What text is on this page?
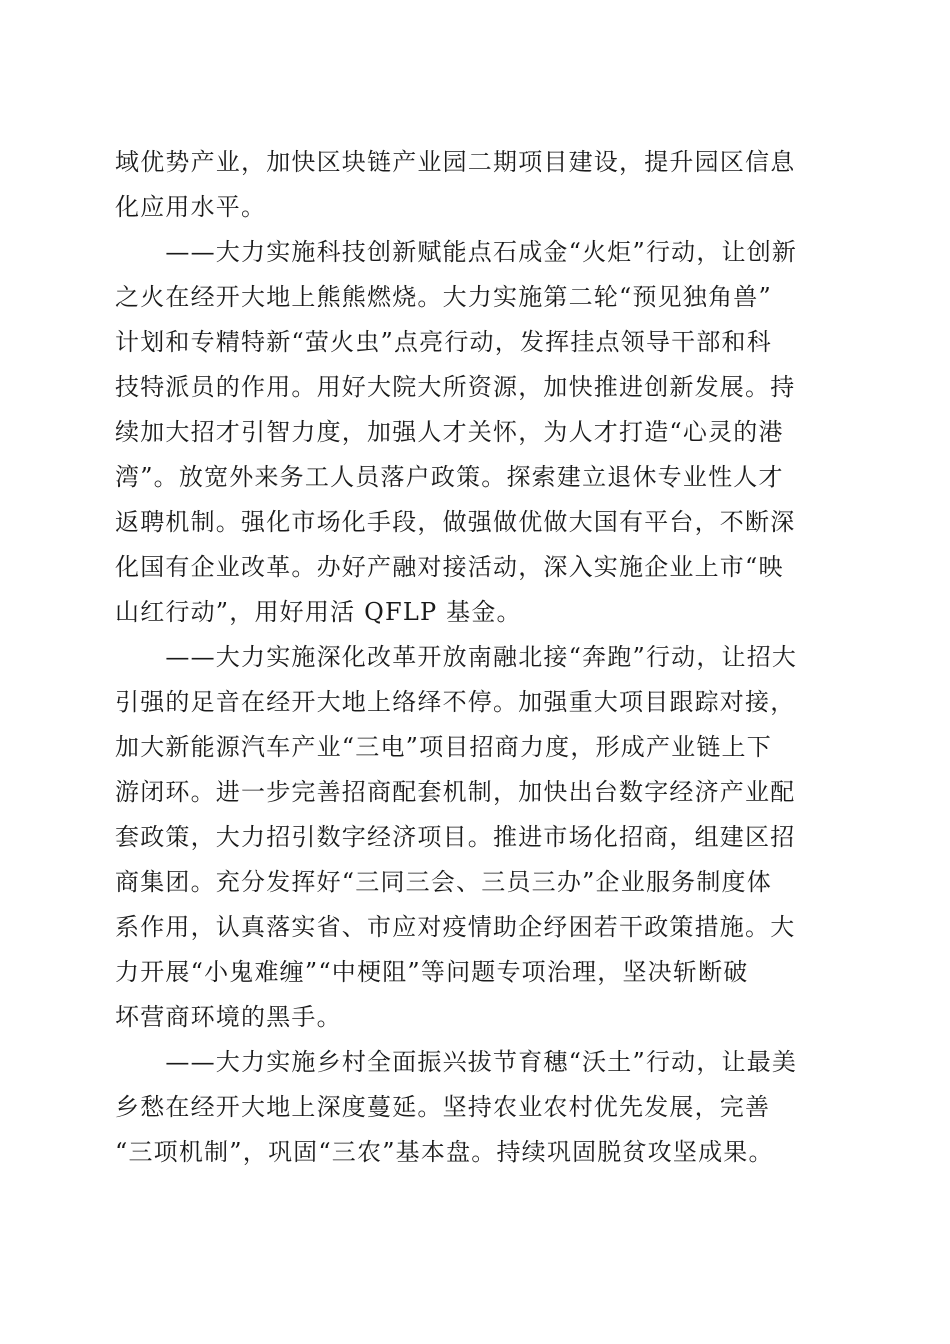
域优势产业，加快区块链产业园二期项目建设，提升园区信息
化应用水平。
　　——大力实施科技创新赋能点石成金“火炬”行动，让创新
之火在经开大地上熊熊燃烧。大力实施第二轮“预见独角兽”
计划和专精特新“萤火虫”点亮行动，发挥挂点领导干部和科
技特派员的作用。用好大院大所资源，加快推进创新发展。持
续加大招才引智力度，加强人才关怀，为人才打造“心灵的港
湾”。放宽外来务工人员落户政策。探索建立退休专业性人才
返聘机制。强化市场化手段，做强做优做大国有平台，不断深
化国有企业改革。办好产融对接活动，深入实施企业上市“映
山红行动”，用好用活 QFLP 基金。
　　——大力实施深化改革开放南融北接“奔跑”行动，让招大
引强的足音在经开大地上络绎不停。加强重大项目跟踪对接，
加大新能源汽车产业“三电”项目招商力度，形成产业链上下
游闭环。进一步完善招商配套机制，加快出台数字经济产业配
套政策，大力招引数字经济项目。推进市场化招商，组建区招
商集团。充分发挥好“三同三会、三员三办”企业服务制度体
系作用，认真落实省、市应对疫情助企纾困若干政策措施。大
力开展“小鬼难缠”“中梗阻”等问题专项治理，坚决斩断破
坏营商环境的黑手。
　　——大力实施乡村全面振兴拔节育穗“沃土”行动，让最美
乡愁在经开大地上深度蔓延。坚持农业农村优先发展，完善
“三项机制”，巩固“三农”基本盘。持续巩固脱贫攻坚成果。
